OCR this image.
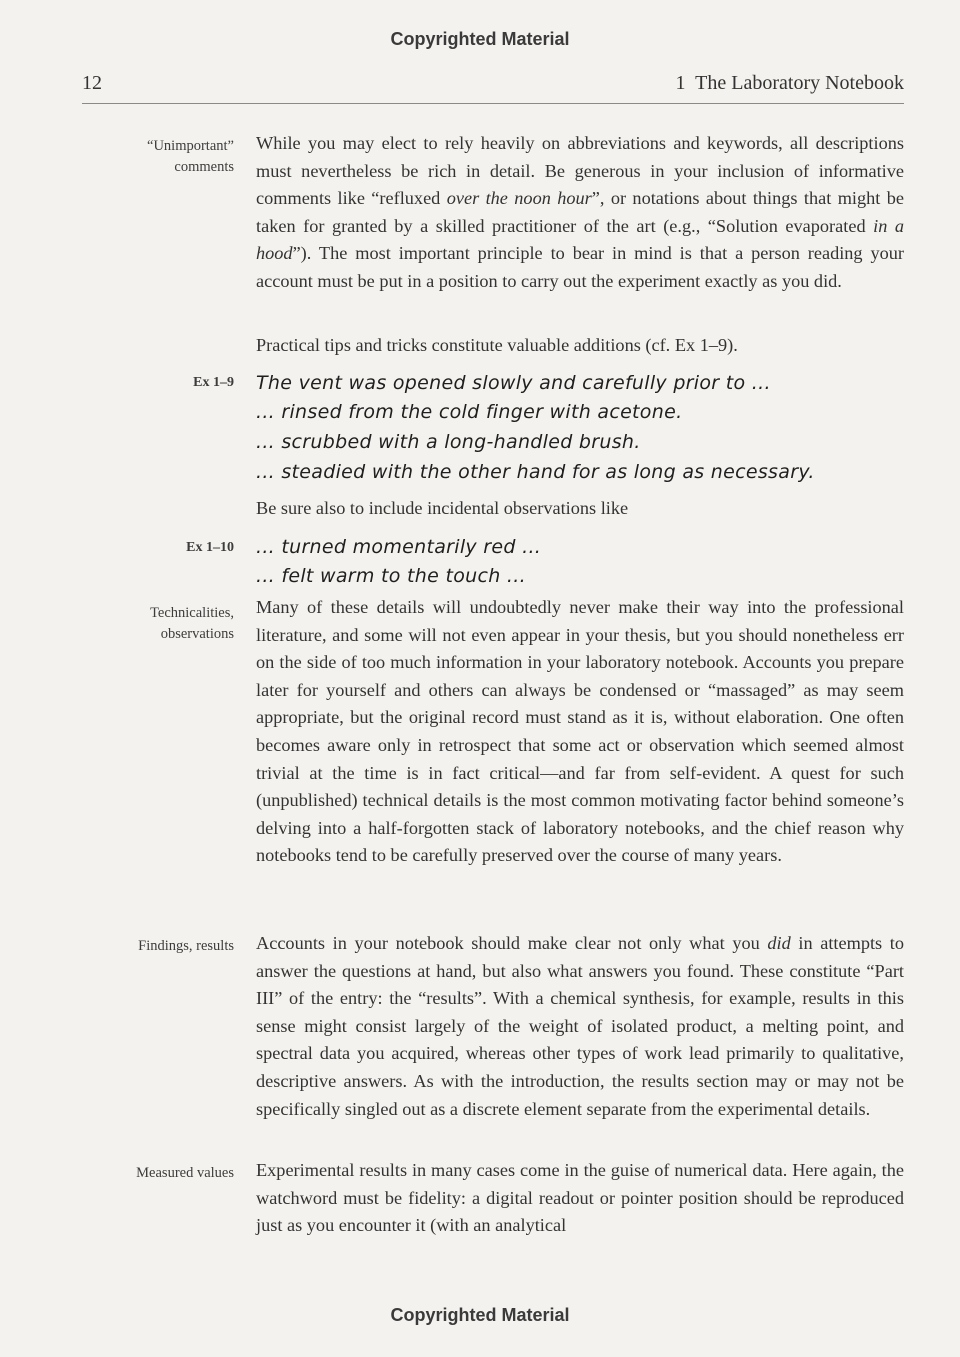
Copyrighted Material
12	1  The Laboratory Notebook
“Unimportant”
comments
Ex 1–9
Ex 1–10
Technicalities,
observations
Findings, results
Measured values
While you may elect to rely heavily on abbreviations and keywords, all descriptions must nevertheless be rich in detail. Be generous in your inclusion of informative comments like “refluxed over the noon hour”, or notations about things that might be taken for granted by a skilled practitioner of the art (e.g., “Solution evaporated in a hood”). The most important principle to bear in mind is that a person reading your account must be put in a position to carry out the experiment exactly as you did.
Practical tips and tricks constitute valuable additions (cf. Ex 1–9).
The vent was opened slowly and carefully prior to ...
... rinsed from the cold finger with acetone.
... scrubbed with a long-handled brush.
... steadied with the other hand for as long as necessary.
Be sure also to include incidental observations like
... turned momentarily red ...
... felt warm to the touch ...
Many of these details will undoubtedly never make their way into the professional literature, and some will not even appear in your thesis, but you should nonetheless err on the side of too much information in your laboratory notebook. Accounts you prepare later for yourself and others can always be condensed or “massaged” as may seem appropriate, but the original record must stand as it is, without elaboration. One often becomes aware only in retrospect that some act or observation which seemed almost trivial at the time is in fact critical—and far from self-evident. A quest for such (unpublished) technical details is the most common motivating factor behind someone’s delving into a half-forgotten stack of laboratory notebooks, and the chief reason why notebooks tend to be carefully preserved over the course of many years.
Accounts in your notebook should make clear not only what you did in attempts to answer the questions at hand, but also what answers you found. These constitute “Part III” of the entry: the “results”. With a chemical synthesis, for example, results in this sense might consist largely of the weight of isolated product, a melting point, and spectral data you acquired, whereas other types of work lead primarily to qualitative, descriptive answers. As with the introduction, the results section may or may not be specifically singled out as a discrete element separate from the experimental details.
Experimental results in many cases come in the guise of numerical data. Here again, the watchword must be fidelity: a digital readout or pointer position should be reproduced just as you encounter it (with an analytical
Copyrighted Material
